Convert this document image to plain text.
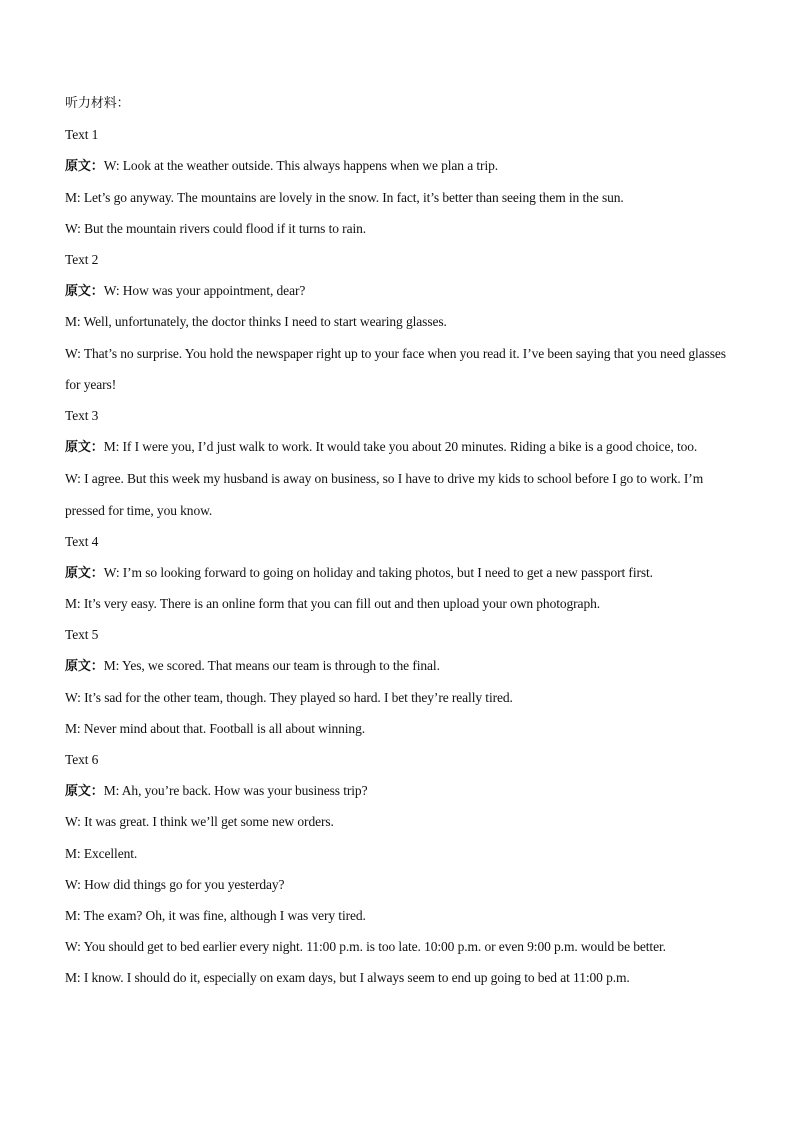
听力材料：
Text 1
原文：W: Look at the weather outside. This always happens when we plan a trip.
M: Let’s go anyway. The mountains are lovely in the snow. In fact, it’s better than seeing them in the sun.
W: But the mountain rivers could flood if it turns to rain.
Text 2
原文：W: How was your appointment, dear?
M: Well, unfortunately, the doctor thinks I need to start wearing glasses.
W: That’s no surprise. You hold the newspaper right up to your face when you read it. I’ve been saying that you need glasses for years!
Text 3
原文：M: If I were you, I’d just walk to work. It would take you about 20 minutes. Riding a bike is a good choice, too.
W: I agree. But this week my husband is away on business, so I have to drive my kids to school before I go to work. I’m pressed for time, you know.
Text 4
原文：W: I’m so looking forward to going on holiday and taking photos, but I need to get a new passport first.
M: It’s very easy. There is an online form that you can fill out and then upload your own photograph.
Text 5
原文：M: Yes, we scored. That means our team is through to the final.
W: It’s sad for the other team, though. They played so hard. I bet they’re really tired.
M: Never mind about that. Football is all about winning.
Text 6
原文：M: Ah, you’re back. How was your business trip?
W: It was great. I think we’ll get some new orders.
M: Excellent.
W: How did things go for you yesterday?
M: The exam? Oh, it was fine, although I was very tired.
W: You should get to bed earlier every night. 11:00 p.m. is too late. 10:00 p.m. or even 9:00 p.m. would be better.
M: I know. I should do it, especially on exam days, but I always seem to end up going to bed at 11:00 p.m.
